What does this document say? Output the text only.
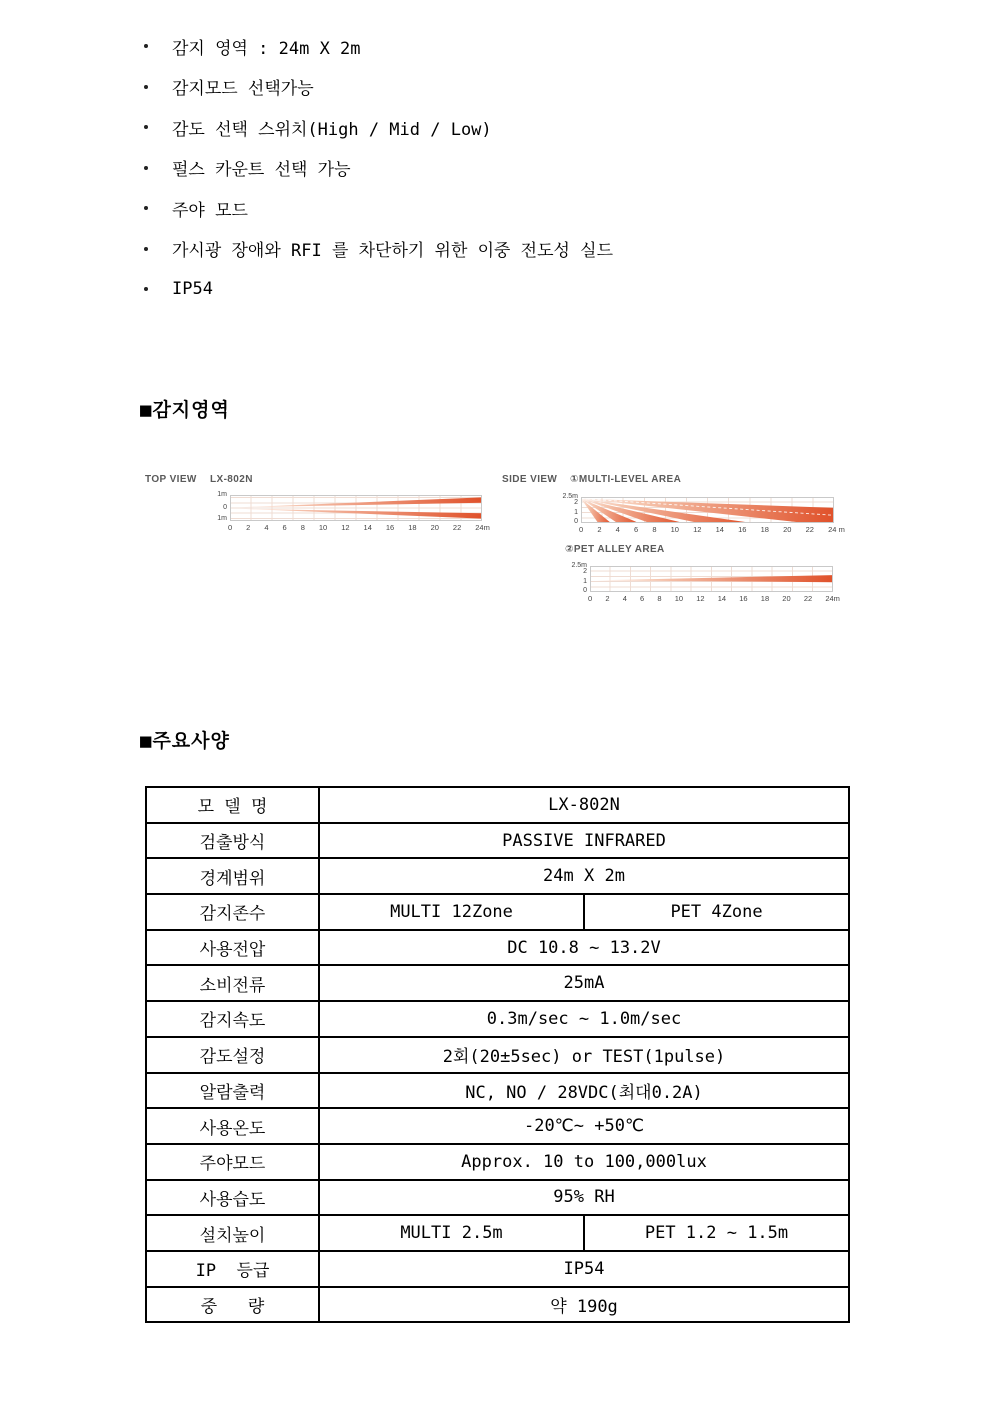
감지 영역 : 24m X 2m
감지모드 선택가능
감도 선택 스위치(High / Mid / Low)
펄스 카운트 선택 가능
주야 모드
가시광 장애와 RFI 를 차단하기 위한 이중 전도성 실드
IP54
■감지영역
TOP VIEW LX-802N
1m
0
1m
0 2 4 6 8 10 12 14 16 18 20 22 24m
SIDE VIEW ①MULTI-LEVEL AREA
2.5m
2
1
0
0 2 4 6 8 10 12 14 16 18 20 22 24 m
②PET ALLEY AREA
2.5m
2
1
0
0 2 4 6 8 10 12 14 16 18 20 22 24m
■주요사양
모 델 명	LX-802N	
검출방식	PASSIVE INFRARED	
경계범위	24m X 2m	
감지존수	MULTI 12Zone	PET 4Zone
사용전압	DC 10.8 ~ 13.2V	
소비전류	25mA	
감지속도	0.3m/sec ~ 1.0m/sec	
감도설정	2회(20±5sec) or TEST(1pulse)	
알람출력	NC, NO / 28VDC(최대0.2A)	
사용온도	-20℃~ +50℃	
주야모드	Approx. 10 to 100,000lux	
사용습도	95% RH	
설치높이	MULTI 2.5m	PET 1.2 ~ 1.5m
IP  등급	IP54	
중   량	약 190g	
